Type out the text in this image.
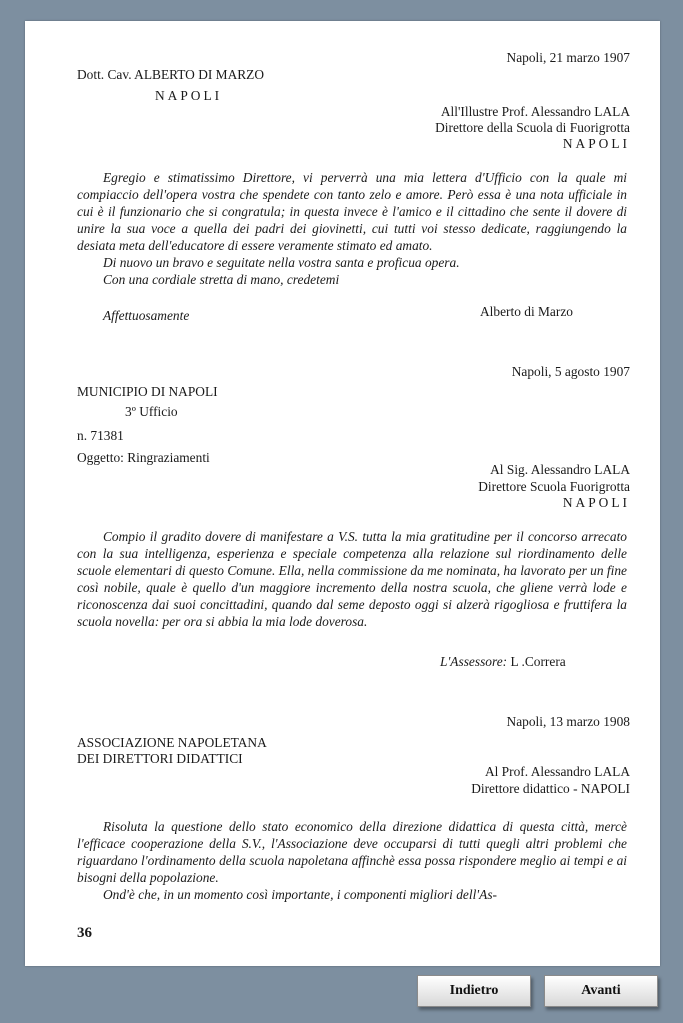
Napoli, 21 marzo 1907
Dott. Cav. ALBERTO DI MARZO
NAPOLI
All'Illustre Prof. Alessandro LALA
Direttore della Scuola di Fuorigrotta
NAPOLI

Egregio e stimatissimo Direttore, vi perverrà una mia lettera d'Ufficio con la quale mi compiaccio dell'opera vostra che spendete con tanto zelo e amore. Però essa è una nota ufficiale in cui è il funzionario che si congratula; in questa invece è l'amico e il cittadino che sente il dovere di unire la sua voce a quella dei padri dei giovinetti, cui tutti voi stesso dedicate, raggiungendo la desiata meta dell'educatore di essere veramente stimato ed amato.

Di nuovo un bravo e seguitate nella vostra santa e proficua opera.

Con una cordiale stretta di mano, credetemi

Affettuosamente	Alberto di Marzo
Napoli, 5 agosto 1907
MUNICIPIO DI NAPOLI
3º Ufficio
n. 71381
Oggetto: Ringraziamenti
Al Sig. Alessandro LALA
Direttore Scuola Fuorigrotta
NAPOLI

Compio il gradito dovere di manifestare a V.S. tutta la mia gratitudine per il concorso arrecato con la sua intelligenza, esperienza e speciale competenza alla relazione sul riordinamento delle scuole elementari di questo Comune. Ella, nella commissione da me nominata, ha lavorato per un fine così nobile, quale è quello d'un maggiore incremento della nostra scuola, che gliene verrà lode e riconoscenza dai suoi concittadini, quando dal seme deposto oggi si alzerà rigogliosa e fruttifera la scuola novella: per ora si abbia la mia lode doverosa.

L'Assessore: L .Correra
Napoli, 13 marzo 1908
ASSOCIAZIONE NAPOLETANA
DEI DIRETTORI DIDATTICI
Al Prof. Alessandro LALA
Direttore didattico - NAPOLI

Risoluta la questione dello stato economico della direzione didattica di questa città, mercè l'efficace cooperazione della S.V., l'Associazione deve occuparsi di tutti quegli altri problemi che riguardano l'ordinamento della scuola napoletana affinchè essa possa rispondere meglio ai tempi e ai bisogni della popolazione.

Ond'è che, in un momento così importante, i componenti migliori dell'As-

36
Indietro	Avanti
